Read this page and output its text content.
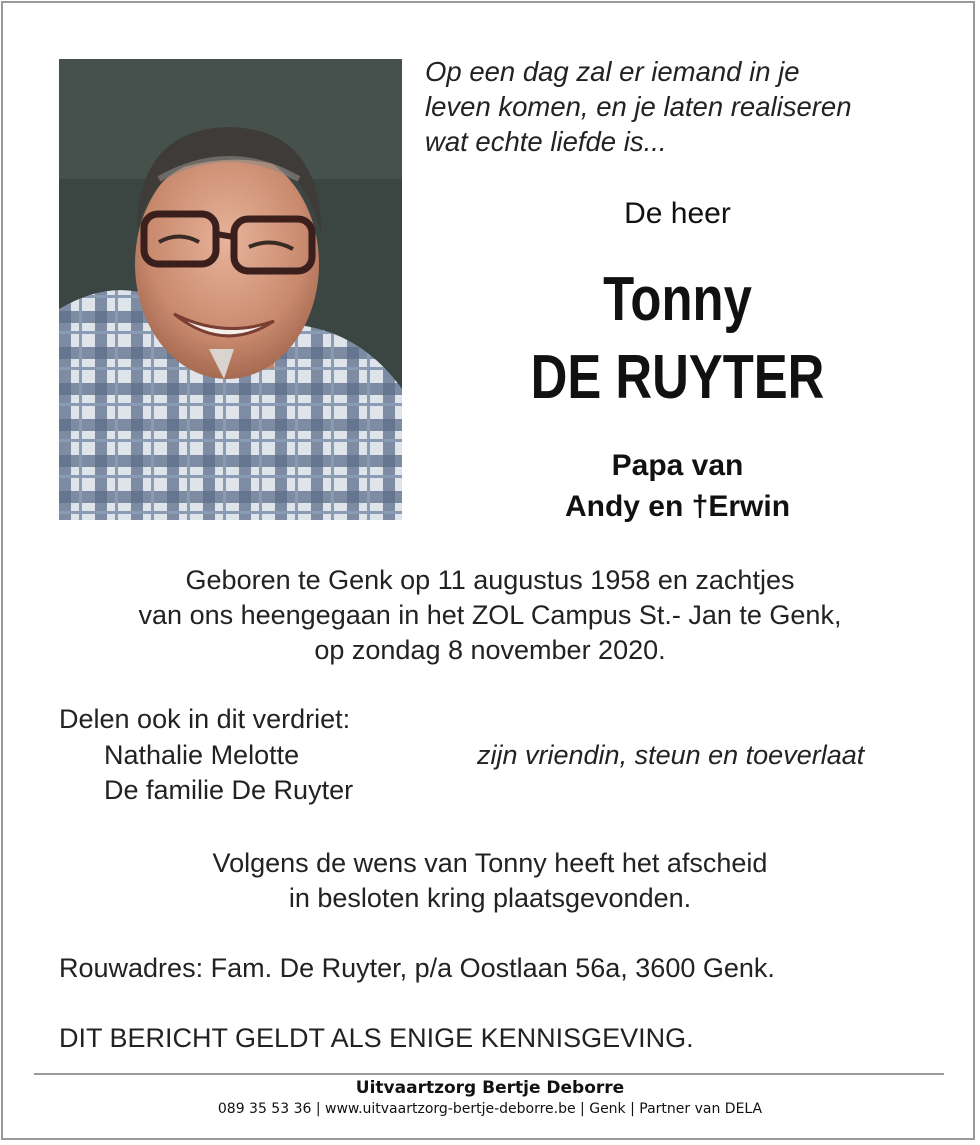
Op een dag zal er iemand in je
leven komen, en je laten realiseren
wat echte liefde is...
De heer
Tonny
DE RUYTER
Papa van
Andy en †Erwin
Geboren te Genk op 11 augustus 1958 en zachtjes
van ons heengegaan in het ZOL Campus St.- Jan te Genk,
op zondag 8 november 2020.
Delen ook in dit verdriet:
Nathalie Melotte	zijn vriendin, steun en toeverlaat
De familie De Ruyter
Volgens de wens van Tonny heeft het afscheid
in besloten kring plaatsgevonden.
Rouwadres: Fam. De Ruyter, p/a Oostlaan 56a, 3600 Genk.
DIT BERICHT GELDT ALS ENIGE KENNISGEVING.
Uitvaartzorg Bertje Deborre
089 35 53 36 | www.uitvaartzorg-bertje-deborre.be | Genk | Partner van DELA
